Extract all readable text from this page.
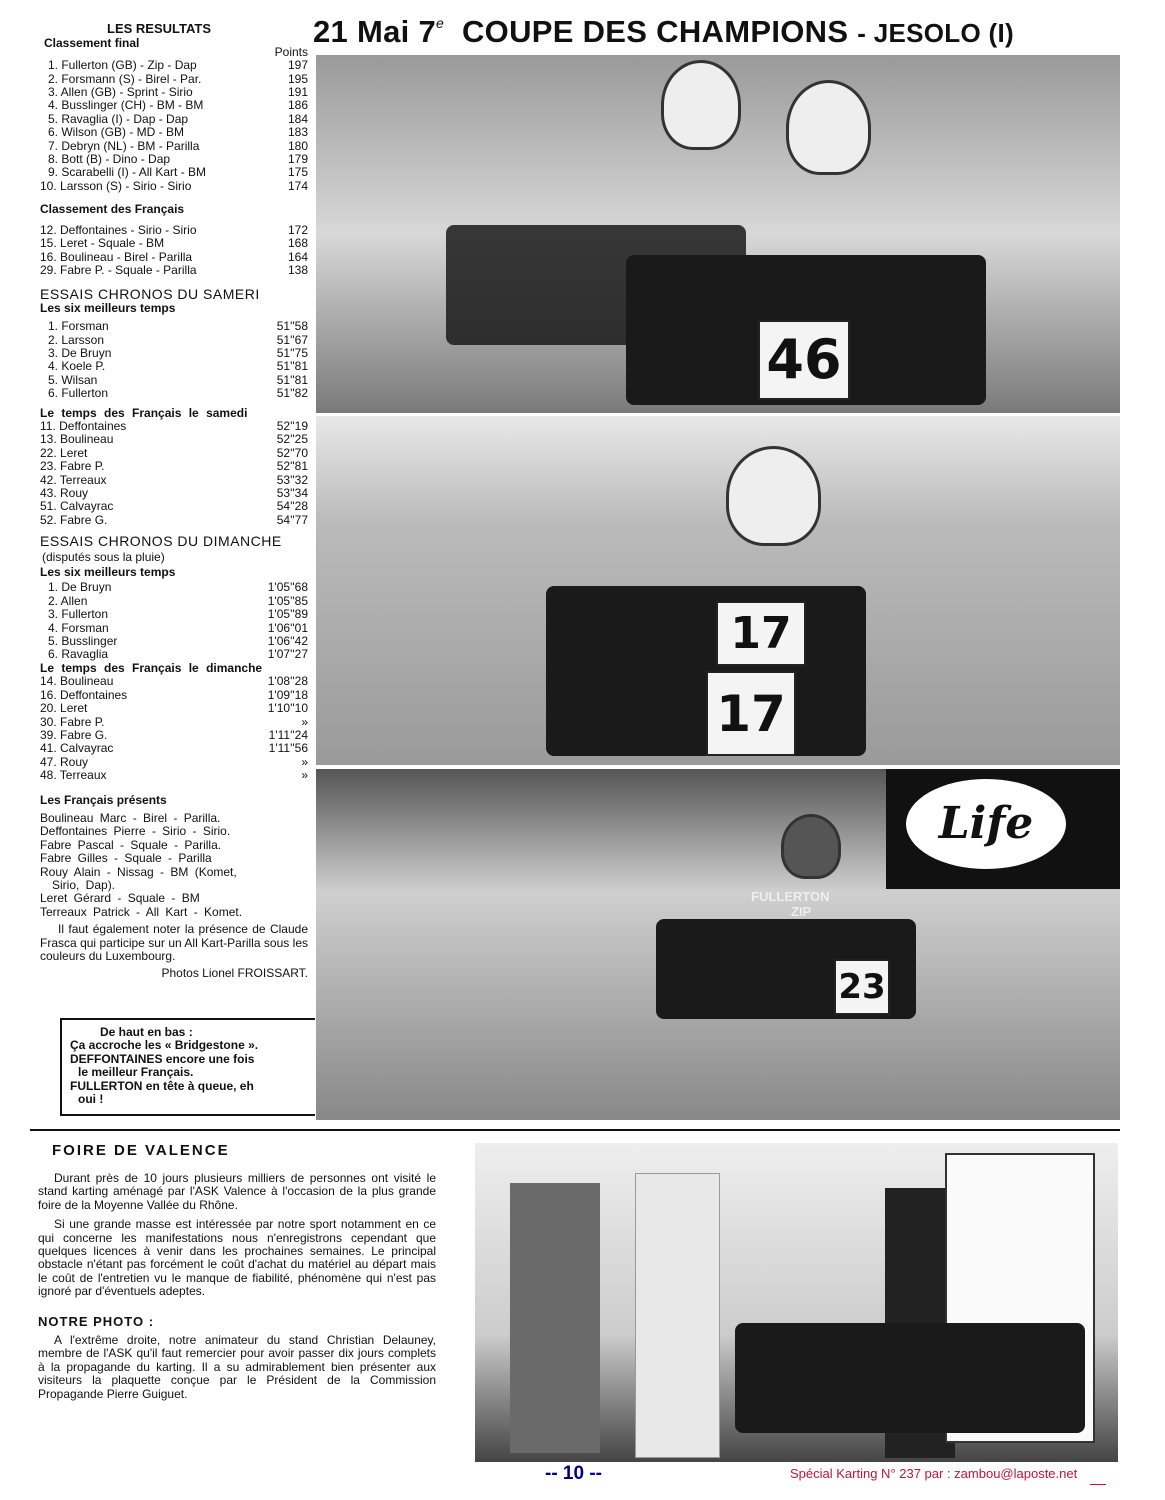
21 Mai 7e COUPE DES CHAMPIONS - JESOLO (I)
LES RESULTATS
Classement final
Points
1. Fullerton (GB) - Zip - Dap	197
2. Forsmann (S) - Birel - Par.	195
3. Allen (GB) - Sprint - Sirio	191
4. Busslinger (CH) - BM - BM	186
5. Ravaglia (I) - Dap - Dap	184
6. Wilson (GB) - MD - BM	183
7. Debryn (NL) - BM - Parilla	180
8. Bott (B) - Dino - Dap	179
9. Scarabelli (I) - All Kart - BM	175
10. Larsson (S) - Sirio - Sirio	174
Classement des Français
12. Deffontaines - Sirio - Sirio	172
15. Leret - Squale - BM	168
16. Boulineau - Birel - Parilla	164
29. Fabre P. - Squale - Parilla	138
ESSAIS CHRONOS DU SAMERI
Les six meilleurs temps
1. Forsman	51''58
2. Larsson	51''67
3. De Bruyn	51''75
4. Koele P.	51''81
5. Wilsan	51''81
6. Fullerton	51''82
Le temps des Français le samedi
11. Deffontaines	52''19
13. Boulineau	52''25
22. Leret	52''70
23. Fabre P.	52''81
42. Terreaux	53''32
43. Rouy	53''34
51. Calvayrac	54''28
52. Fabre G.	54''77
ESSAIS CHRONOS DU DIMANCHE
(disputés sous la pluie)
Les six meilleurs temps
1. De Bruyn	1'05''68
2. Allen	1'05''85
3. Fullerton	1'05''89
4. Forsman	1'06''01
5. Busslinger	1'06''42
6. Ravaglia	1'07''27
Le temps des Français le dimanche
14. Boulineau	1'08''28
16. Deffontaines	1'09''18
20. Leret	1'10''10
30. Fabre P.	»
39. Fabre G.	1'11''24
41. Calvayrac	1'11''56
47. Rouy	»
48. Terreaux	»
Les Français présents
Boulineau Marc - Birel - Parilla.
Deffontaines Pierre - Sirio - Sirio.
Fabre Pascal - Squale - Parilla.
Fabre Gilles - Squale - Parilla
Rouy Alain - Nissag - BM (Komet,
Sirio, Dap).
Leret Gérard - Squale - BM
Terreaux Patrick - All Kart - Komet.
Il faut également noter la présence de Claude Frasca qui participe sur un All Kart-Parilla sous les couleurs du Luxembourg.
Photos Lionel FROISSART.
De haut en bas :
Ça accroche les « Bridgestone ».
DEFFONTAINES encore une fois
le meilleur Français.
FULLERTON en tête à queue, eh
oui !
46
17
17
Life
FULLERTON
ZIP
23
FOIRE DE VALENCE

Durant près de 10 jours plusieurs milliers de personnes ont visité le stand karting aménagé par l'ASK Valence à l'occasion de la plus grande foire de la Moyenne Vallée du Rhône.

Si une grande masse est intéressée par notre sport notamment en ce qui concerne les manifestations nous n'enregistrons cependant que quelques licences à venir dans les prochaines semaines. Le principal obstacle n'étant pas forcément le coût d'achat du matériel au départ mais le coût de l'entretien vu le manque de fiabilité, phénomène qui n'est pas ignoré par d'éventuels adeptes.

NOTRE PHOTO :

A l'extrême droite, notre animateur du stand Christian Delauney, membre de l'ASK qu'il faut remercier pour avoir passer dix jours complets à la propagande du karting. Il a su admirablement bien présenter aux visiteurs la plaquette conçue par le Président de la Commission Propagande Pierre Guiguet.

-- 10 --	Spécial Karting N° 237 par : zambou@laposte.net
